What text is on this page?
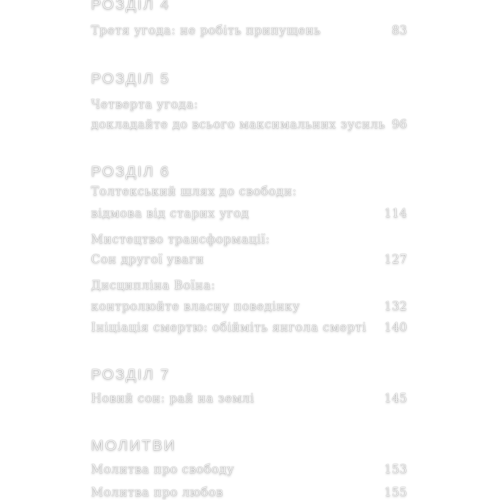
РОЗДІЛ 4
Третя угода: не робіть припущень	83
РОЗДІЛ 5
Четверта угода:
докладайте до всього максимальних зусиль 96
РОЗДІЛ 6
Толтекський шлях до свободи:
відмова від старих угод	114
Мистецтво трансформації:
Сон другої уваги	127
Дисципліна Воїна:
контролюйте власну поведінку	132
Ініціація смертю: обійміть янгола смерті 140
РОЗДІЛ 7
Новий сон: рай на землі	145
МОЛИТВИ
Молитва про свободу	153
Молитва про любов	155
